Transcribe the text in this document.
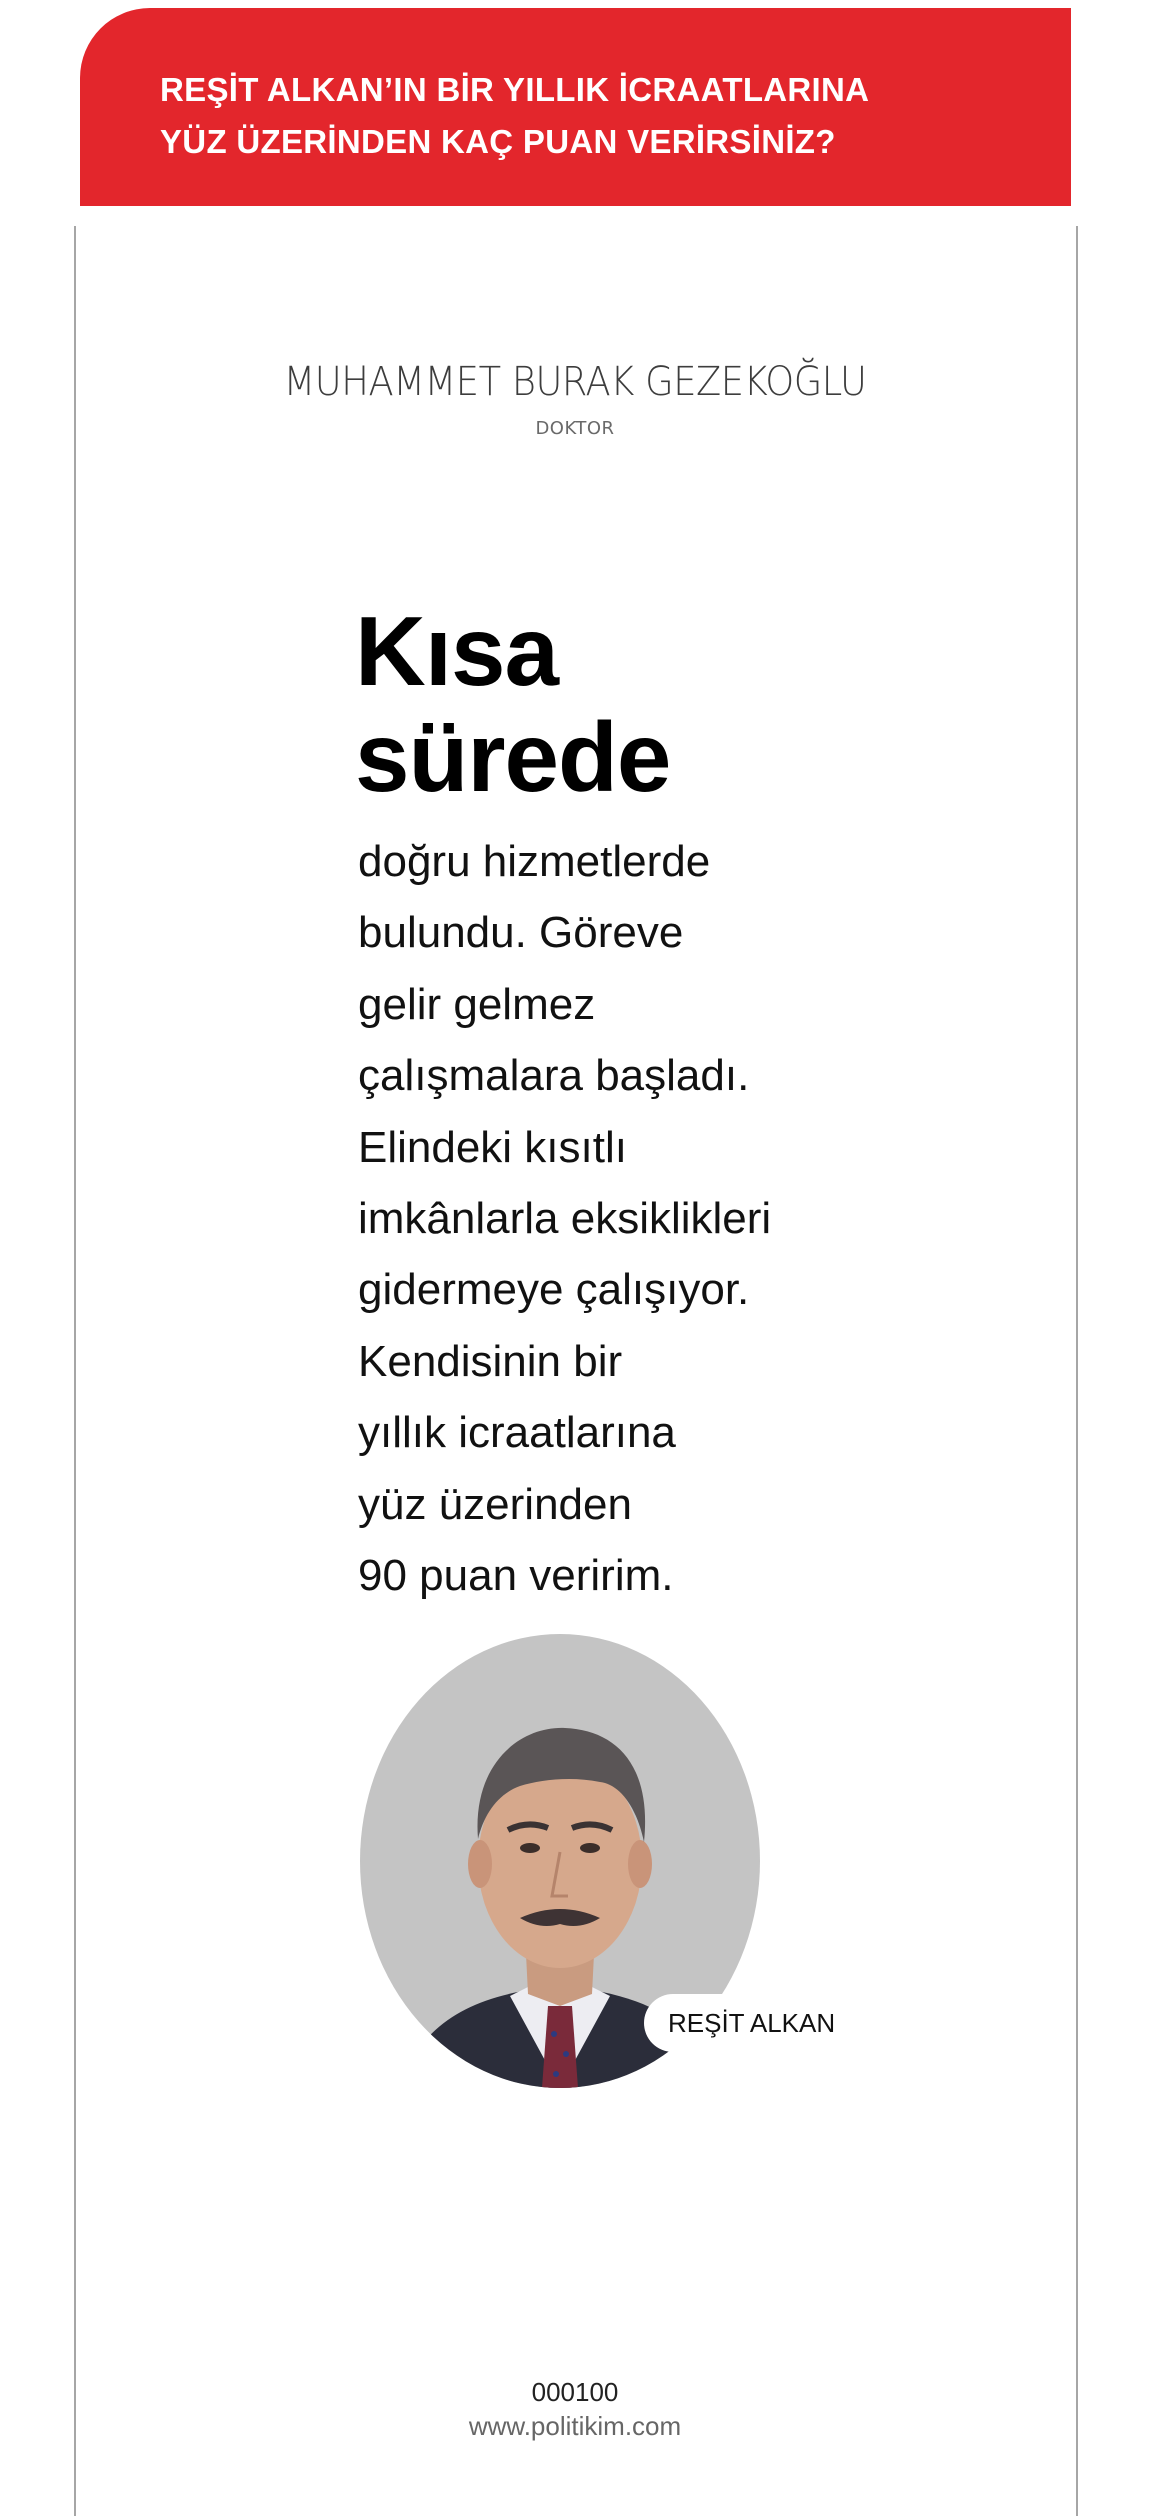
REŞİT ALKAN’IN BİR YILLIK İCRAATLARINA
YÜZ ÜZERİNDEN KAÇ PUAN VERİRSİNİZ?
MUHAMMET BURAK GEZEKOĞLU
DOKTOR
Kısa
sürede
doğru hizmetlerde
bulundu. Göreve
gelir gelmez
çalışmalara başladı.
Elindeki kısıtlı
imkânlarla eksiklikleri
gidermeye çalışıyor.
Kendisinin bir
yıllık icraatlarına
yüz üzerinden
90 puan veririm.
REŞİT ALKAN
000100
www.politikim.com
